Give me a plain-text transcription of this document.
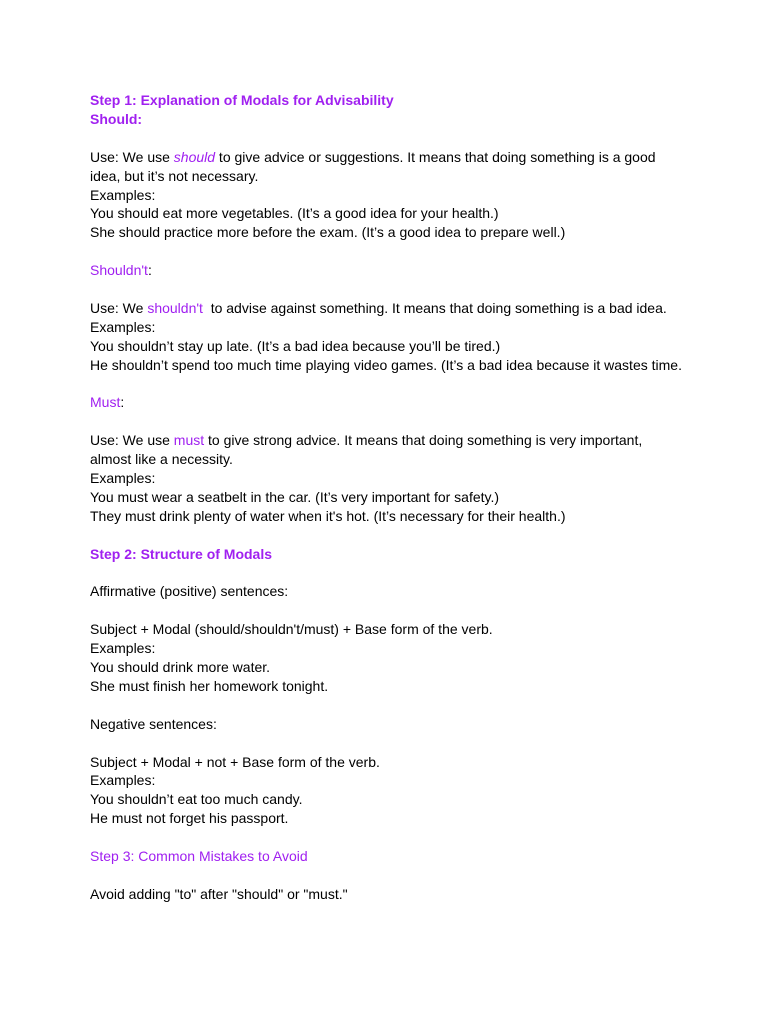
Step 1: Explanation of Modals for Advisability

Should:

Use: We use should to give advice or suggestions. It means that doing something is a good

idea, but it’s not necessary.

Examples:

You should eat more vegetables. (It’s a good idea for your health.)

She should practice more before the exam. (It’s a good idea to prepare well.)

Shouldn't:

Use: We shouldn't  to advise against something. It means that doing something is a bad idea.

Examples:

You shouldn’t stay up late. (It’s a bad idea because you’ll be tired.)

He shouldn’t spend too much time playing video games. (It’s a bad idea because it wastes time.

Must:

Use: We use must to give strong advice. It means that doing something is very important,

almost like a necessity.

Examples:

You must wear a seatbelt in the car. (It’s very important for safety.)

They must drink plenty of water when it's hot. (It’s necessary for their health.)

Step 2: Structure of Modals

Affirmative (positive) sentences:

Subject + Modal (should/shouldn't/must) + Base form of the verb.

Examples:

You should drink more water.

She must finish her homework tonight.

Negative sentences:

Subject + Modal + not + Base form of the verb.

Examples:

You shouldn’t eat too much candy.

He must not forget his passport.

Step 3: Common Mistakes to Avoid

Avoid adding "to" after "should" or "must."
